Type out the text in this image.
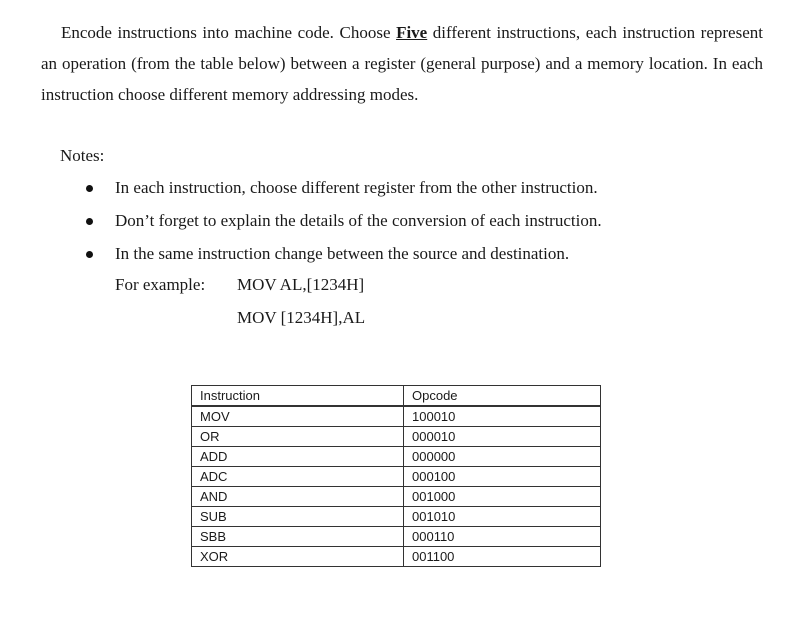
Encode instructions into machine code. Choose Five different instructions, each instruction represent an operation (from the table below) between a register (general purpose) and a memory location. In each instruction choose different memory addressing modes.
Notes:
In each instruction, choose different register from the other instruction.
Don’t forget to explain the details of the conversion of each instruction.
In the same instruction change between the source and destination.
For example: MOV AL,[1234H]
MOV [1234H],AL
Instruction	Opcode
MOV	100010
OR	000010
ADD	000000
ADC	000100
AND	001000
SUB	001010
SBB	000110
XOR	001100
